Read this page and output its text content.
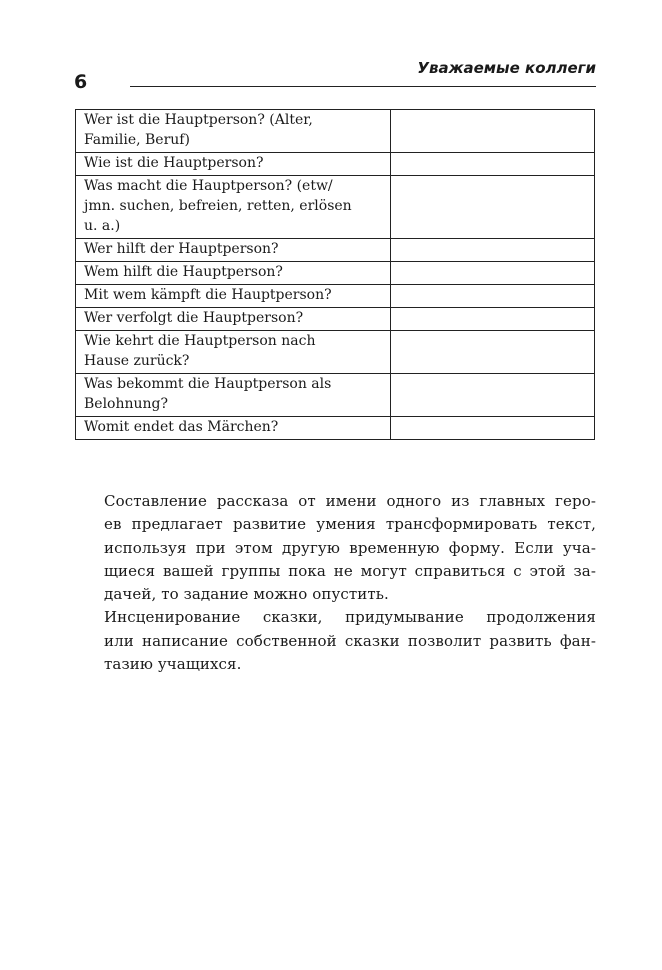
6
Уважаемые коллеги
Wer ist die Hauptperson? (Alter,
Familie, Beruf)	

Wie ist die Hauptperson?	

Was macht die Hauptperson? (etw/
jmn. suchen, befreien, retten, erlösen
u. a.)	

Wer hilft der Hauptperson?	

Wem hilft die Hauptperson?	

Mit wem kämpft die Hauptperson?	

Wer verfolgt die Hauptperson?	

Wie kehrt die Hauptperson nach
Hause zurück?	

Was bekommt die Hauptperson als
Belohnung?	

Womit endet das Märchen?	

Составление рассказа от имени одного из главных геро-
ев предлагает развитие умения трансформировать текст,
используя при этом другую временную форму. Если уча-
щиеся вашей группы пока не могут справиться с этой за-
дачей, то задание можно опустить.

Инсценирование сказки, придумывание продолжения
или написание собственной сказки позволит развить фан-
тазию учащихся.
